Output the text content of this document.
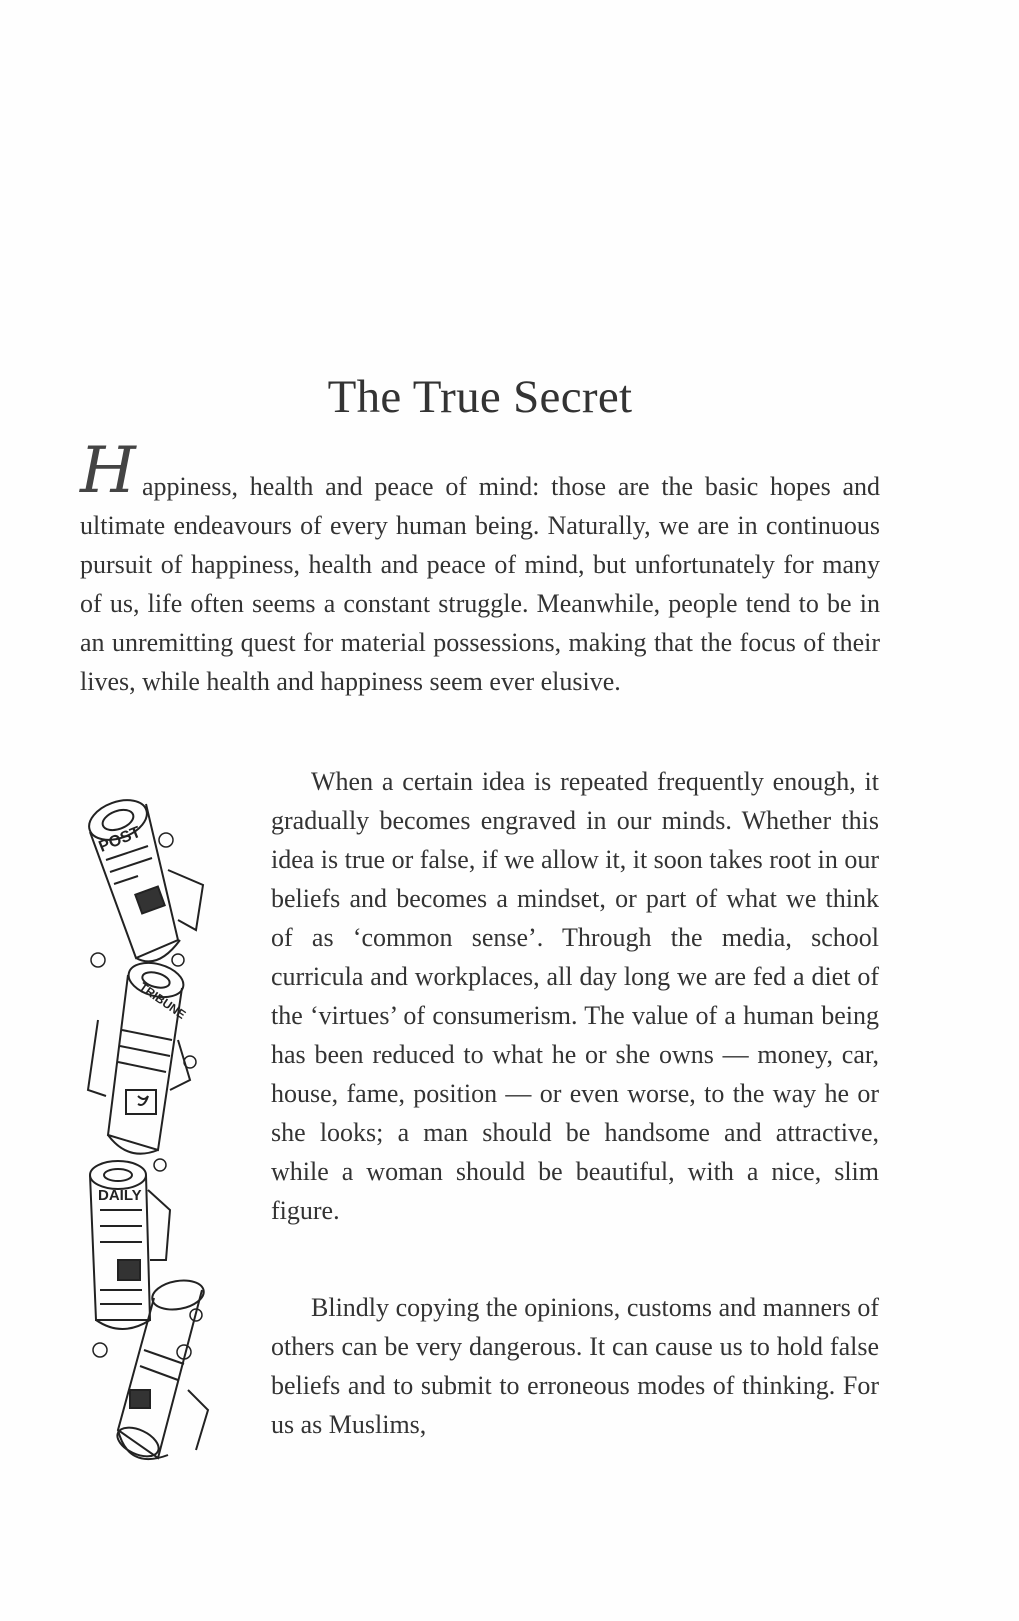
The True Secret

H appiness, health and peace of mind: those are the basic hopes and ultimate endeavours of every human being. Naturally, we are in continuous pursuit of happiness, health and peace of mind, but unfortunately for many of us, life often seems a constant struggle. Meanwhile, people tend to be in an unremitting quest for material possessions, making that the focus of their lives, while health and happiness seem ever elusive.

POST
TRIBUNE
DAILY

When a certain idea is repeated frequently enough, it gradually becomes engraved in our minds. Whether this idea is true or false, if we allow it, it soon takes root in our beliefs and becomes a mindset, or part of what we think of as ‘common sense’. Through the media, school curricula and workplaces, all day long we are fed a diet of the ‘virtues’ of consumerism. The value of a human being has been reduced to what he or she owns — money, car, house, fame, position — or even worse, to the way he or she looks; a man should be handsome and attractive, while a woman should be beautiful, with a nice, slim figure.

Blindly copying the opinions, customs and manners of others can be very dangerous. It can cause us to hold false beliefs and to submit to erroneous modes of thinking. For us as Muslims,
